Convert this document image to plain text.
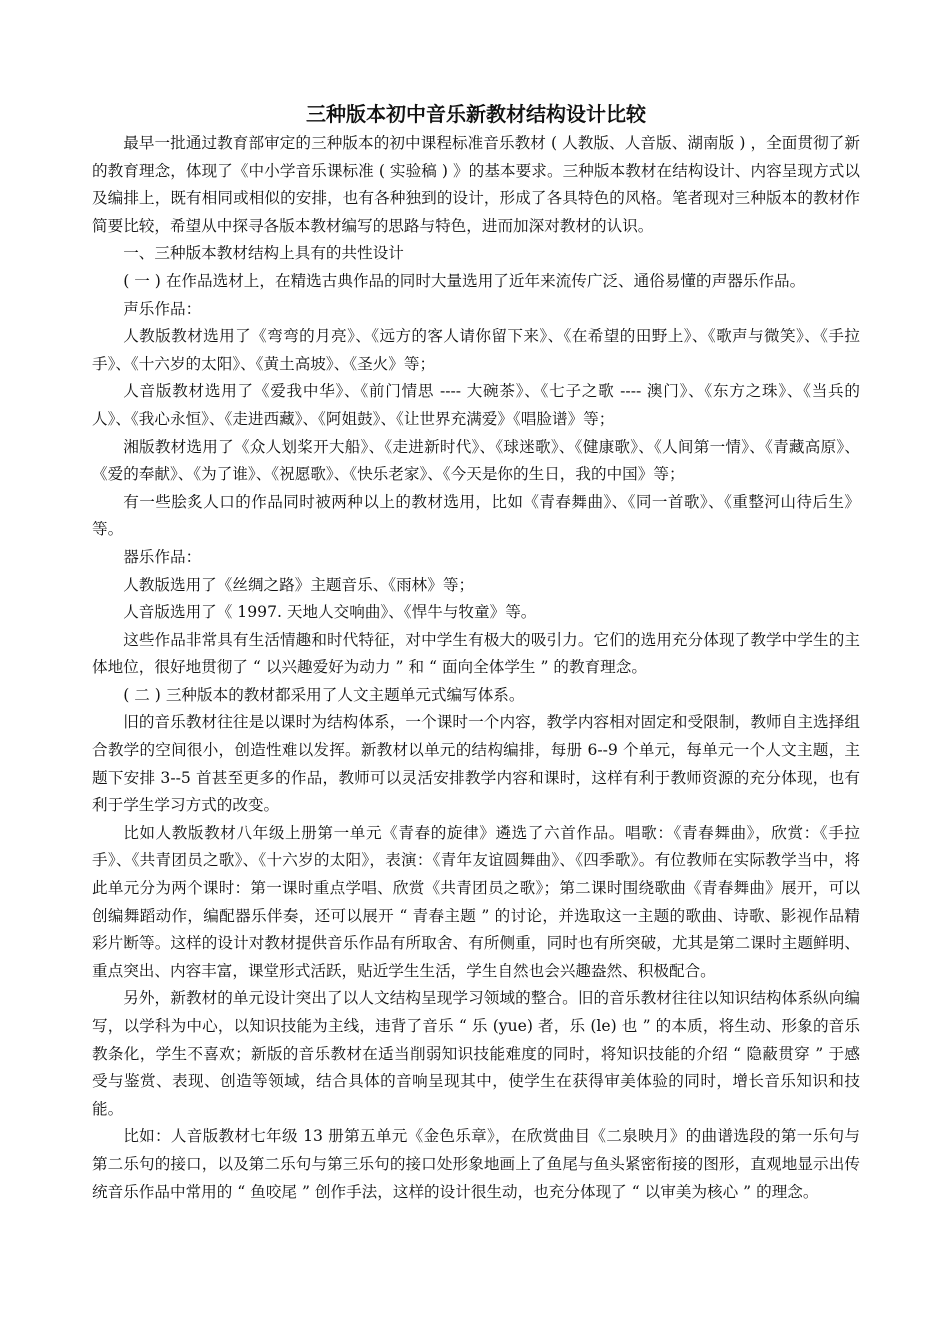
三种版本初中音乐新教材结构设计比较

最早一批通过教育部审定的三种版本的初中课程标准音乐教材 ( 人教版、人音版、湖南版 ) ，全面贯彻了新的教育理念，体现了《中小学音乐课标准 ( 实验稿 ) 》的基本要求。三种版本教材在结构设计、内容呈现方式以及编排上，既有相同或相似的安排，也有各种独到的设计，形成了各具特色的风格。笔者现对三种版本的教材作简要比较，希望从中探寻各版本教材编写的思路与特色，进而加深对教材的认识。

一、三种版本教材结构上具有的共性设计

( 一 ) 在作品选材上，在精选古典作品的同时大量选用了近年来流传广泛、通俗易懂的声器乐作品。

声乐作品：

人教版教材选用了《弯弯的月亮》、《远方的客人请你留下来》、《在希望的田野上》、《歌声与微笑》、《手拉手》、《十六岁的太阳》、《黄土高坡》、《圣火》等；

人音版教材选用了《爱我中华》、《前门情思 ---- 大碗茶》、《七子之歌 ---- 澳门》、《东方之珠》、《当兵的人》、《我心永恒》、《走进西藏》、《阿姐鼓》、《让世界充满爱》《唱脸谱》等；

湘版教材选用了《众人划桨开大船》、《走进新时代》、《球迷歌》、《健康歌》、《人间第一情》、《青藏高原》、《爱的奉献》、《为了谁》、《祝愿歌》、《快乐老家》、《今天是你的生日，我的中国》等；

有一些脍炙人口的作品同时被两种以上的教材选用，比如《青春舞曲》、《同一首歌》、《重整河山待后生》等。

器乐作品：

人教版选用了《丝绸之路》主题音乐、《雨林》等；

人音版选用了《 1997. 天地人交响曲》、《悍牛与牧童》等。

这些作品非常具有生活情趣和时代特征，对中学生有极大的吸引力。它们的选用充分体现了教学中学生的主体地位，很好地贯彻了 “ 以兴趣爱好为动力 ” 和 “ 面向全体学生 ” 的教育理念。

( 二 ) 三种版本的教材都采用了人文主题单元式编写体系。

旧的音乐教材往往是以课时为结构体系，一个课时一个内容，教学内容相对固定和受限制，教师自主选择组合教学的空间很小，创造性难以发挥。新教材以单元的结构编排，每册 6--9 个单元，每单元一个人文主题，主题下安排 3--5 首甚至更多的作品，教师可以灵活安排教学内容和课时，这样有利于教师资源的充分体现，也有利于学生学习方式的改变。

比如人教版教材八年级上册第一单元《青春的旋律》遴选了六首作品。唱歌：《青春舞曲》，欣赏：《手拉手》、《共青团员之歌》、《十六岁的太阳》，表演：《青年友谊圆舞曲》、《四季歌》。有位教师在实际教学当中，将此单元分为两个课时：第一课时重点学唱、欣赏《共青团员之歌》；第二课时围绕歌曲《青春舞曲》展开，可以创编舞蹈动作，编配器乐伴奏，还可以展开 “ 青春主题 ” 的讨论，并选取这一主题的歌曲、诗歌、影视作品精彩片断等。这样的设计对教材提供音乐作品有所取舍、有所侧重，同时也有所突破，尤其是第二课时主题鲜明、重点突出、内容丰富，课堂形式活跃，贴近学生生活，学生自然也会兴趣盎然、积极配合。

另外，新教材的单元设计突出了以人文结构呈现学习领域的整合。旧的音乐教材往往以知识结构体系纵向编写，以学科为中心，以知识技能为主线，违背了音乐 “ 乐 (yue) 者，乐 (le) 也 ” 的本质，将生动、形象的音乐教条化，学生不喜欢；新版的音乐教材在适当削弱知识技能难度的同时，将知识技能的介绍 “ 隐蔽贯穿 ” 于感受与鉴赏、表现、创造等领域，结合具体的音响呈现其中，使学生在获得审美体验的同时，增长音乐知识和技能。

比如：人音版教材七年级 13 册第五单元《金色乐章》，在欣赏曲目《二泉映月》的曲谱选段的第一乐句与第二乐句的接口，以及第二乐句与第三乐句的接口处形象地画上了鱼尾与鱼头紧密衔接的图形，直观地显示出传统音乐作品中常用的 “ 鱼咬尾 ” 创作手法，这样的设计很生动，也充分体现了 “ 以审美为核心 ” 的理念。
